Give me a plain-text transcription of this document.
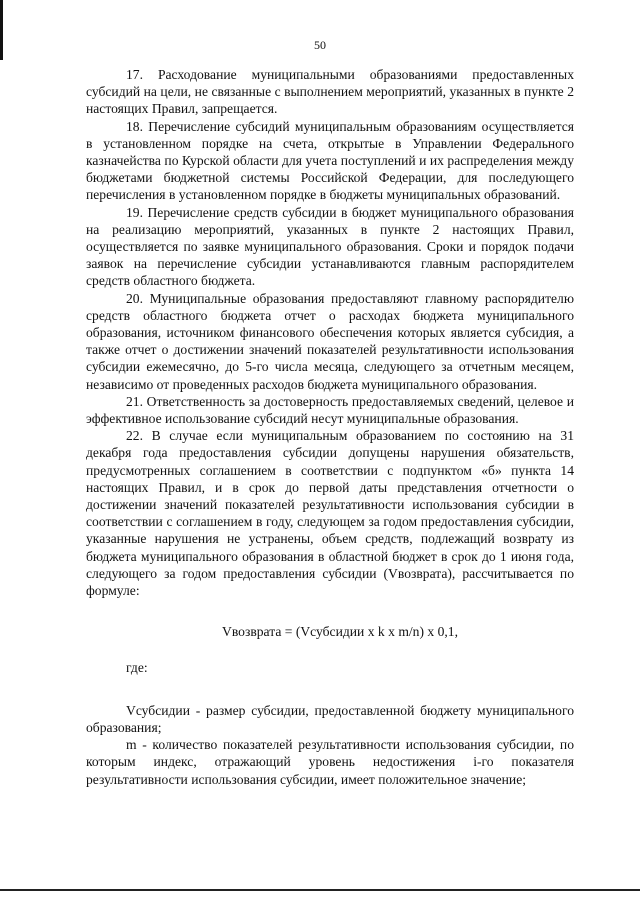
50

17. Расходование муниципальными образованиями предоставленных субсидий на цели, не связанные с выполнением мероприятий, указанных в пункте 2 настоящих Правил, запрещается.

18. Перечисление субсидий муниципальным образованиям осуществляется в установленном порядке на счета, открытые в Управлении Федерального казначейства по Курской области для учета поступлений и их распределения между бюджетами бюджетной системы Российской Федерации, для последующего перечисления в установленном порядке в бюджеты муниципальных образований.

19. Перечисление средств субсидии в бюджет муниципального образования на реализацию мероприятий, указанных в пункте 2 настоящих Правил, осуществляется по заявке муниципального образования. Сроки и порядок подачи заявок на перечисление субсидии устанавливаются главным распорядителем средств областного бюджета.

20. Муниципальные образования предоставляют главному распорядителю средств областного бюджета отчет о расходах бюджета муниципального образования, источником финансового обеспечения которых является субсидия, а также отчет о достижении значений показателей результативности использования субсидии ежемесячно, до 5-го числа месяца, следующего за отчетным месяцем, независимо от проведенных расходов бюджета муниципального образования.

21. Ответственность за достоверность предоставляемых сведений, целевое и эффективное использование субсидий несут муниципальные образования.

22. В случае если муниципальным образованием по состоянию на 31 декабря года предоставления субсидии допущены нарушения обязательств, предусмотренных соглашением в соответствии с подпунктом «б» пункта 14 настоящих Правил, и в срок до первой даты представления отчетности о достижении значений показателей результативности использования субсидии в соответствии с соглашением в году, следующем за годом предоставления субсидии, указанные нарушения не устранены, объем средств, подлежащий возврату из бюджета муниципального образования в областной бюджет в срок до 1 июня года, следующего за годом предоставления субсидии (Vвозврата), рассчитывается по формуле:

Vвозврата = (Vсубсидии x k x m/n) x 0,1,

где:

Vсубсидии - размер субсидии, предоставленной бюджету муниципального образования;

m - количество показателей результативности использования субсидии, по которым индекс, отражающий уровень недостижения i-го показателя результативности использования субсидии, имеет положительное значение;
